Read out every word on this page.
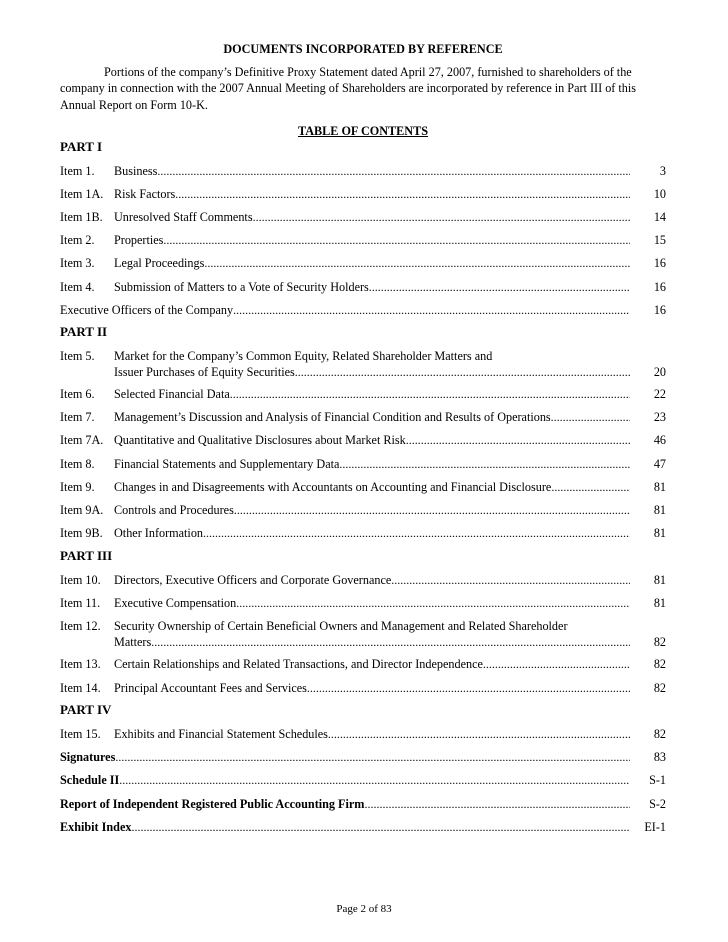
DOCUMENTS INCORPORATED BY REFERENCE

Portions of the company’s Definitive Proxy Statement dated April 27, 2007, furnished to shareholders of the company in connection with the 2007 Annual Meeting of Shareholders are incorporated by reference in Part III of this Annual Report on Form 10-K.

TABLE OF CONTENTS
PART I
Item 1. Business .....	3
Item 1A. Risk Factors .....	10
Item 1B. Unresolved Staff Comments .....	14
Item 2. Properties .....	15
Item 3. Legal Proceedings .....	16
Item 4. Submission of Matters to a Vote of Security Holders .....	16
Executive Officers of the Company .....	16
PART II
Item 5. Market for the Company’s Common Equity, Related Shareholder Matters and
Issuer Purchases of Equity Securities .....	20
Item 6. Selected Financial Data .....	22
Item 7. Management’s Discussion and Analysis of Financial Condition and Results of Operations .....	23
Item 7A. Quantitative and Qualitative Disclosures about Market Risk .....	46
Item 8. Financial Statements and Supplementary Data .....	47
Item 9. Changes in and Disagreements with Accountants on Accounting and Financial Disclosure .....	81
Item 9A. Controls and Procedures .....	81
Item 9B. Other Information .....	81
PART III
Item 10. Directors, Executive Officers and Corporate Governance .....	81
Item 11. Executive Compensation .....	81
Item 12. Security Ownership of Certain Beneficial Owners and Management and Related Shareholder
Matters .....	82
Item 13. Certain Relationships and Related Transactions, and Director Independence .....	82
Item 14. Principal Accountant Fees and Services .....	82
PART IV
Item 15. Exhibits and Financial Statement Schedules .....	82
Signatures .....	83
Schedule II .....	S-1
Report of Independent Registered Public Accounting Firm .....	S-2
Exhibit Index .....	EI-1
Page 2 of 83
